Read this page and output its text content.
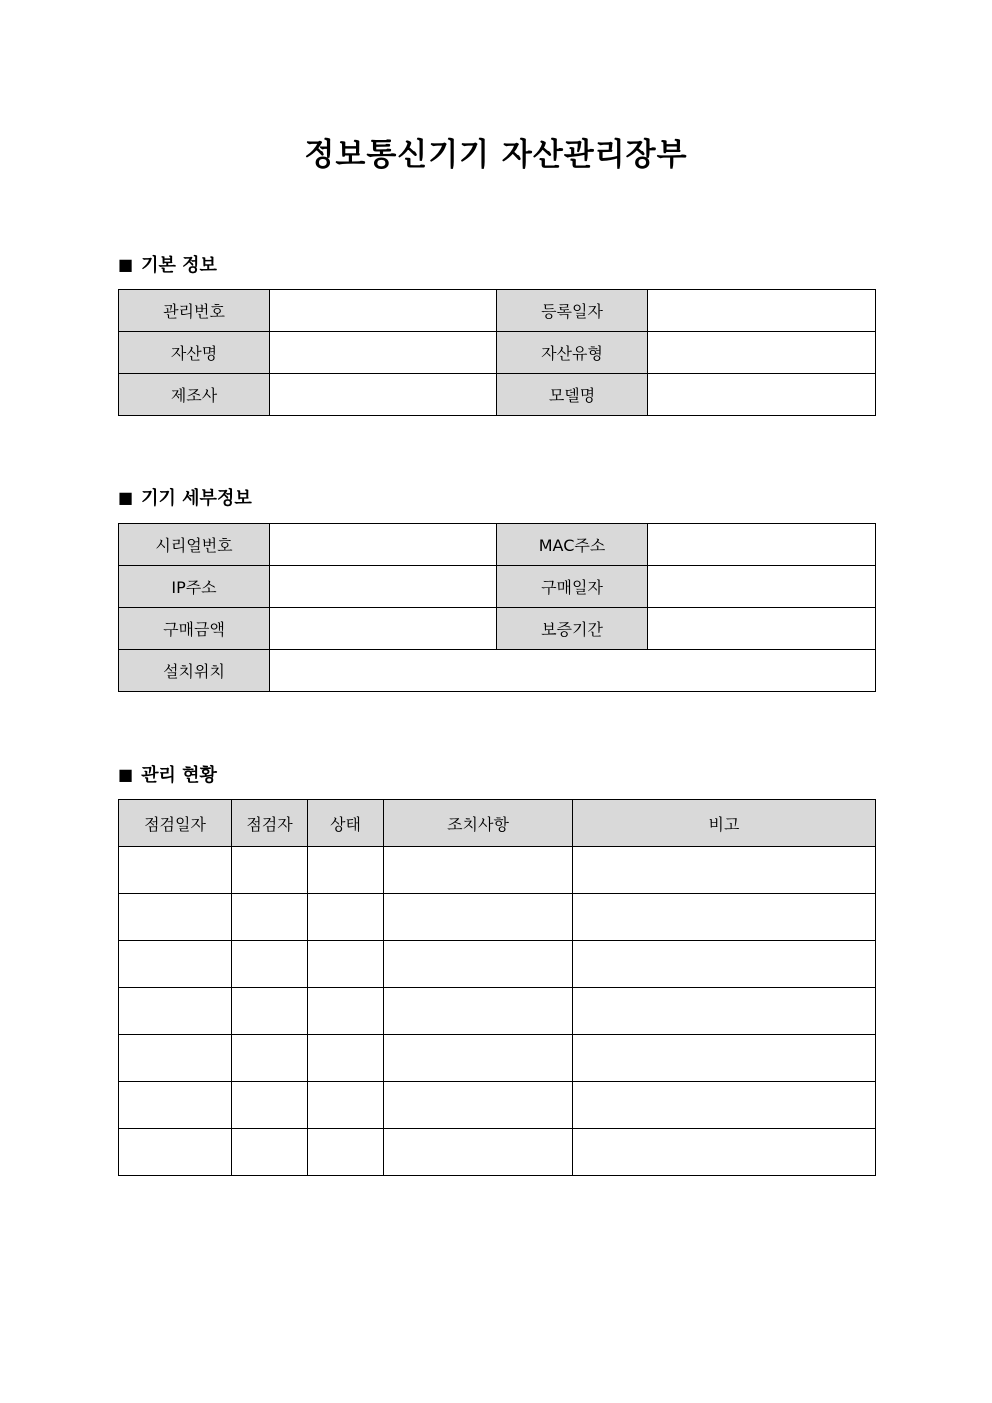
정보통신기기 자산관리장부
■ 기본 정보
관리번호		등록일자	
자산명		자산유형	
제조사		모델명	
■ 기기 세부정보
시리얼번호		MAC주소	
IP주소		구매일자	
구매금액		보증기간	
설치위치			
■ 관리 현황
점검일자	점검자	상태	조치사항	비고
